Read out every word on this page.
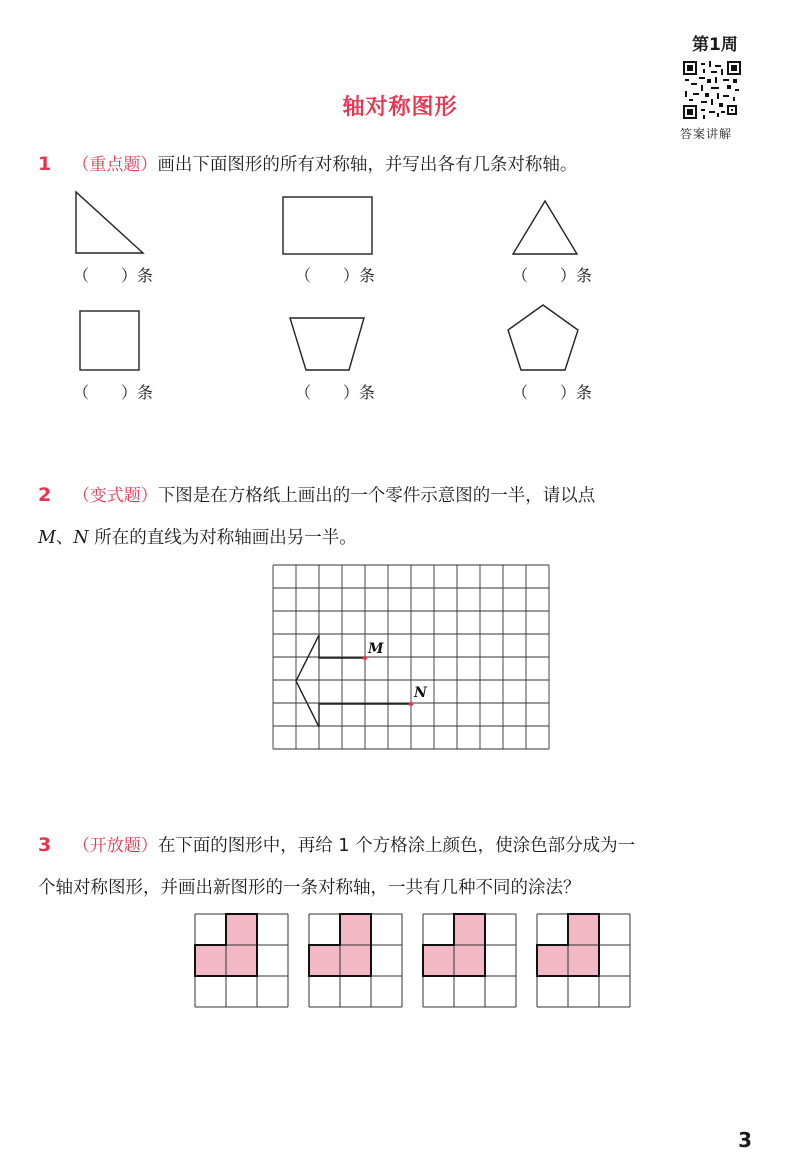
第1周
答案讲解
轴对称图形
1 （重点题）画出下面图形的所有对称轴，并写出各有几条对称轴。
（ ）条	（ ）条	（ ）条
（ ）条	（ ）条	（ ）条
2 （变式题）下图是在方格纸上画出的一个零件示意图的一半，请以点
M、N 所在的直线为对称轴画出另一半。
M
N
3 （开放题）在下面的图形中，再给 1 个方格涂上颜色，使涂色部分成为一
个轴对称图形，并画出新图形的一条对称轴，一共有几种不同的涂法？
3
